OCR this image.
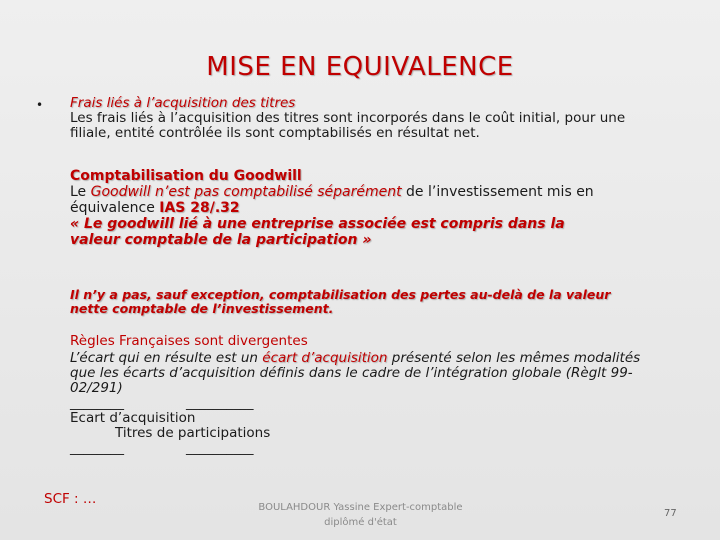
MISE EN EQUIVALENCE
• Frais liés à l’acquisition des titres
Les frais liés à l’acquisition des titres sont incorporés dans le coût initial, pour une
filiale, entité contrôlée ils sont comptabilisés en résultat net.
Comptabilisation du Goodwill
Le Goodwill n’est pas comptabilisé séparément de l’investissement mis en
équivalence IAS 28/.32
« Le goodwill lié à une entreprise associée est compris dans la
valeur comptable de la participation »
Il n’y a pas, sauf exception, comptabilisation des pertes au-delà de la valeur
nette comptable de l’investissement.
Règles Françaises sont divergentes
L’écart qui en résulte est un écart d’acquisition présenté selon les mêmes modalités
que les écarts d’acquisition définis dans le cadre de l’intégration globale (Règlt 99-
02/291)
________	__________
Ecart d’acquisition
Titres de participations
________	__________
SCF : …
BOULAHDOUR Yassine Expert-comptable
diplômé d'état
77
